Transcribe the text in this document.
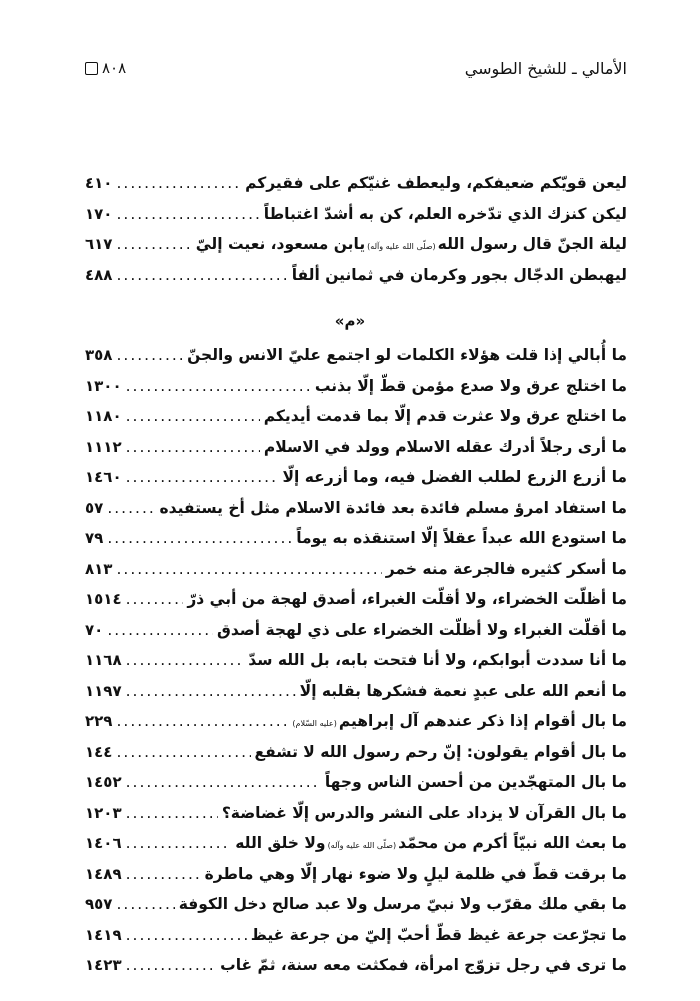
٨٠٨	الأمالي ـ للشيخ الطوسي
ليعن قويّكم ضعيفكم، وليعطف غنيّكم على فقيركم
.....
٤١٠
ليكن كنزك الذي تدّخره العلم، كن به أشدّ اغتباطاً
.....
١٧٠
ليلة الجنّ قال رسول الله(صلّى الله عليه وآله)يابن مسعود، نعيت إليّ
.....
٦١٧
ليهبطن الدجّال بجور وكرمان في ثمانين ألفاً
.....
٤٨٨
«م»
ما أُبالي إذا قلت هؤلاء الكلمات لو اجتمع عليّ الانس والجنّ
.....
٣٥٨
ما اختلج عرق ولا صدع مؤمن قطّ إلّا بذنب
.....
١٣٠٠
ما اختلج عرق ولا عثرت قدم إلّا بما قدمت أيديكم
.....
١١٨٠
ما أرى رجلاً أدرك عقله الاسلام وولد في الاسلام
.....
١١١٢
ما أزرع الزرع لطلب الفضل فيه، وما أزرعه إلّا
.....
١٤٦٠
ما استفاد امرؤ مسلم فائدة بعد فائدة الاسلام مثل أخ يستفيده
.....
٥٧
ما استودع الله عبداً عقلاً إلّا استنقذه به يوماً
.....
٧٩
ما أسكر كثيره فالجرعة منه خمر
.....
٨١٣
ما أظلّت الخضراء، ولا أقلّت الغبراء، أصدق لهجة من أبي ذرّ
.....
١٥١٤
ما أقلّت الغبراء ولا أظلّت الخضراء على ذي لهجة أصدق
.....
٧٠
ما أنا سددت أبوابكم، ولا أنا فتحت بابه، بل الله سدّ
.....
١١٦٨
ما أنعم الله على عبدٍ نعمة فشكرها بقلبه إلّا
.....
١١٩٧
ما بال أقوام إذا ذكر عندهم آل إبراهيم(عليه السّلام)
.....
٢٢٩
ما بال أقوام يقولون: إنّ رحم رسول الله لا تشفع
.....
١٤٤
ما بال المتهجّدين من أحسن الناس وجهاً
.....
١٤٥٢
ما بال القرآن لا يزداد على النشر والدرس إلّا غضاضة؟
.....
١٢٠٣
ما بعث الله نبيّاً أكرم من محمّد(صلّى الله عليه وآله)ولا خلق الله
.....
١٤٠٦
ما برقت قطّ في ظلمة ليلٍ ولا ضوء نهار إلّا وهي ماطرة
.....
١٤٨٩
ما بقي ملك مقرّب ولا نبيّ مرسل ولا عبد صالح دخل الكوفة
.....
٩٥٧
ما تجرّعت جرعة غيظ قطّ أحبّ إليّ من جرعة غيظ
.....
١٤١٩
ما ترى في رجل تزوّج امرأة، فمكثت معه سنة، ثمّ غاب
.....
١٤٢٣
